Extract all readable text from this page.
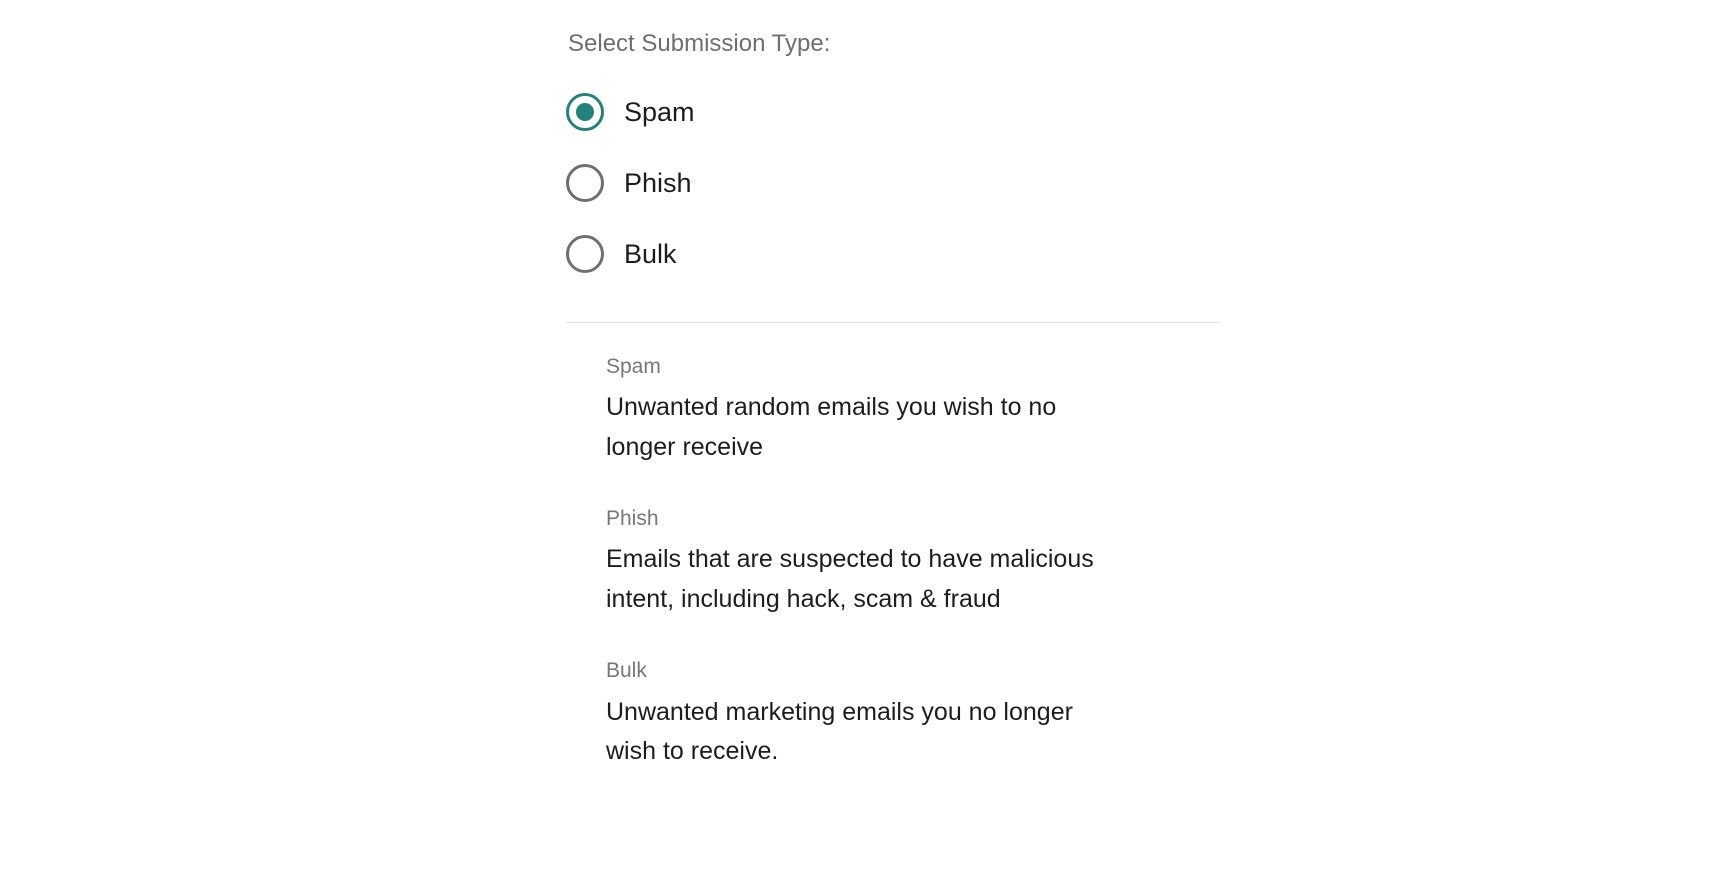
Select Submission Type:
Spam
Phish
Bulk
Spam
Unwanted random emails you wish to no longer receive
Phish
Emails that are suspected to have malicious intent, including hack, scam & fraud
Bulk
Unwanted marketing emails you no longer wish to receive.
